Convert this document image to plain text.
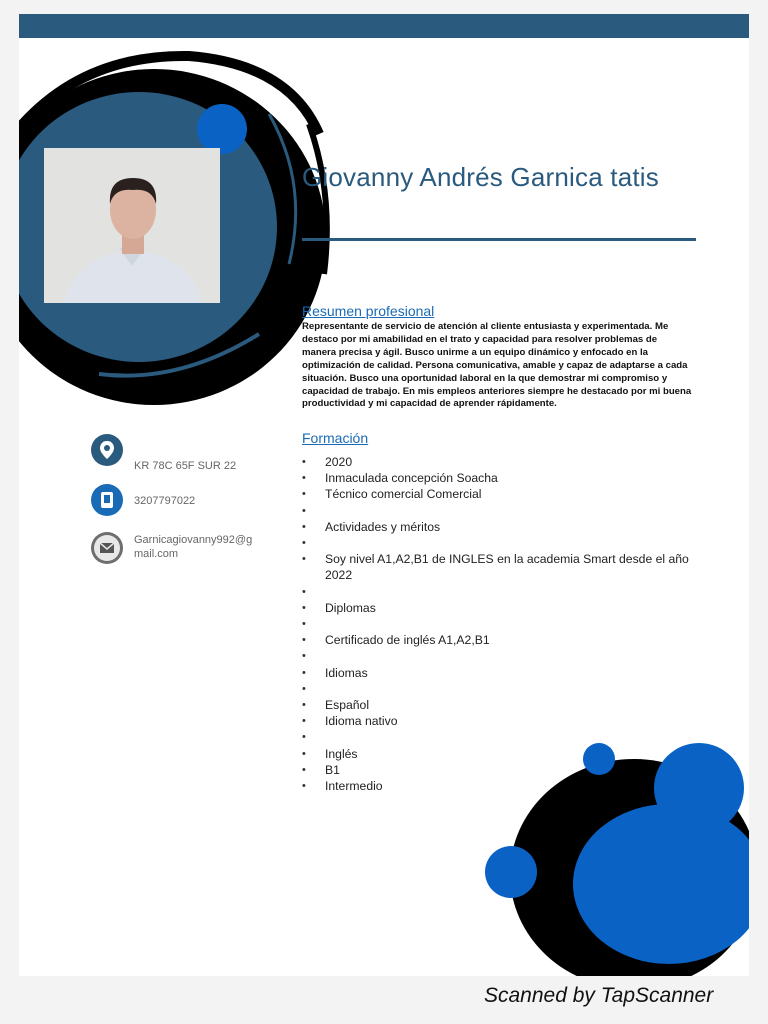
Giovanny Andrés Garnica tatis
Resumen profesional
Representante de servicio de atención al cliente entusiasta y experimentada. Me
destaco por mi amabilidad en el trato y capacidad para resolver problemas de
manera precisa y ágil. Busco unirme a un equipo dinámico y enfocado en la
optimización de calidad. Persona comunicativa, amable y capaz de adaptarse a cada
situación. Busco una oportunidad laboral en la que demostrar mi compromiso y
capacidad de trabajo. En mis empleos anteriores siempre he destacado por mi buena
productividad y mi capacidad de aprender rápidamente.
KR 78C 65F SUR 22
3207797022
Garnicagiovanny992@g
mail.com
Formación
• 2020
• Inmaculada concepción Soacha
• Técnico comercial Comercial
•
• Actividades y méritos
•
• Soy nivel A1,A2,B1 de INGLES en la academia Smart desde el año 2022
•
• Diplomas
•
• Certificado de inglés A1,A2,B1
•
• Idiomas
•
• Español
• Idioma nativo
•
• Inglés
• B1
• Intermedio
Scanned by TapScanner
